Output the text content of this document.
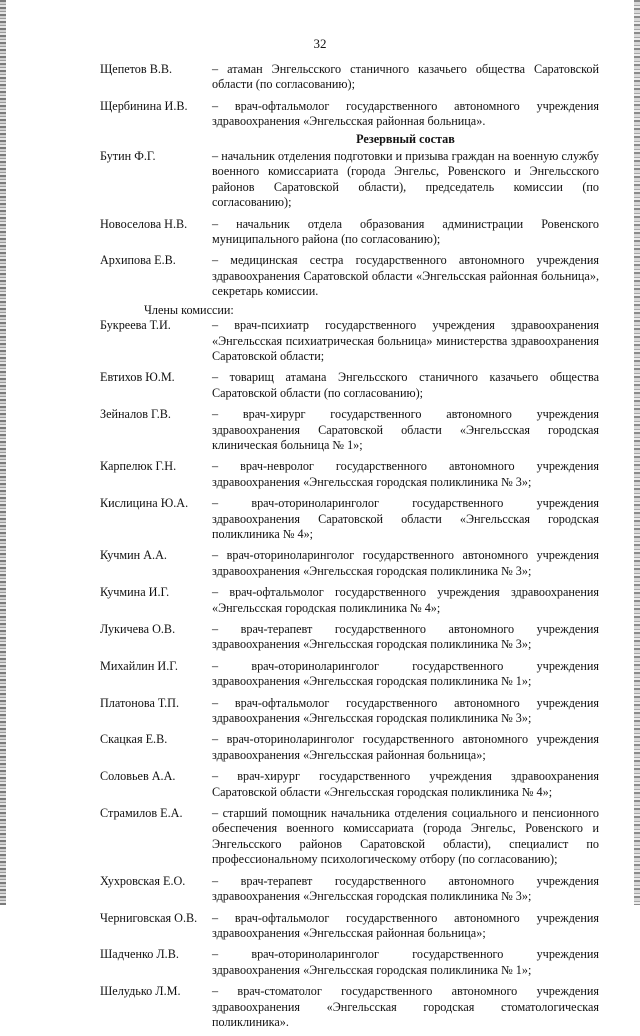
32
Щепетов В.В.	– атаман Энгельсского станичного казачьего общества Саратовской области (по согласованию);
Щербинина И.В.	– врач-офтальмолог государственного автономного учреждения здравоохранения «Энгельсская районная больница».
Резервный состав
Бутин Ф.Г.	– начальник отделения подготовки и призыва граждан на военную службу военного комиссариата (города Энгельс, Ровенского и Энгельсского районов Саратовской области), председатель комиссии (по согласованию);
Новоселова Н.В.	– начальник отдела образования администрации Ровенского муниципального района (по согласованию);
Архипова Е.В.	– медицинская сестра государственного автономного учреждения здравоохранения Саратовской области «Энгельсская районная больница», секретарь комиссии.
Члены комиссии:
Букреева Т.И.	– врач-психиатр государственного учреждения здравоохранения «Энгельсская психиатрическая больница» министерства здравоохранения Саратовской области;
Евтихов Ю.М.	– товарищ атамана Энгельсского станичного казачьего общества Саратовской области (по согласованию);
Зейналов Г.В.	– врач-хирург государственного автономного учреждения здравоохранения Саратовской области «Энгельсская городская клиническая больница № 1»;
Карпелюк Г.Н.	– врач-невролог государственного автономного учреждения здравоохранения «Энгельсская городская поликлиника № 3»;
Кислицина Ю.А.	– врач-оториноларинголог государственного учреждения здравоохранения Саратовской области «Энгельсская городская поликлиника № 4»;
Кучмин А.А.	– врач-оториноларинголог государственного автономного учреждения здравоохранения «Энгельсская городская поликлиника № 3»;
Кучмина И.Г.	– врач-офтальмолог государственного учреждения здравоохранения «Энгельсская городская поликлиника № 4»;
Лукичева О.В.	– врач-терапевт государственного автономного учреждения здравоохранения «Энгельсская городская поликлиника № 3»;
Михайлин И.Г.	– врач-оториноларинголог государственного учреждения здравоохранения «Энгельсская городская поликлиника № 1»;
Платонова Т.П.	– врач-офтальмолог государственного автономного учреждения здравоохранения «Энгельсская городская поликлиника № 3»;
Скацкая Е.В.	– врач-оториноларинголог государственного автономного учреждения здравоохранения «Энгельсская районная больница»;
Соловьев А.А.	– врач-хирург государственного учреждения здравоохранения Саратовской области «Энгельсская городская поликлиника № 4»;
Страмилов Е.А.	– старший помощник начальника отделения социального и пенсионного обеспечения военного комиссариата (города Энгельс, Ровенского и Энгельсского районов Саратовской области), специалист по профессиональному психологическому отбору (по согласованию);
Хухровская Е.О.	– врач-терапевт государственного автономного учреждения здравоохранения «Энгельсская городская поликлиника № 3»;
Черниговская О.В.	– врач-офтальмолог государственного автономного учреждения здравоохранения «Энгельсская районная больница»;
Шадченко Л.В.	– врач-оториноларинголог государственного учреждения здравоохранения «Энгельсская городская поликлиника № 1»;
Шелудько Л.М.	– врач-стоматолог государственного автономного учреждения здравоохранения «Энгельсская городская стоматологическая поликлиника».
